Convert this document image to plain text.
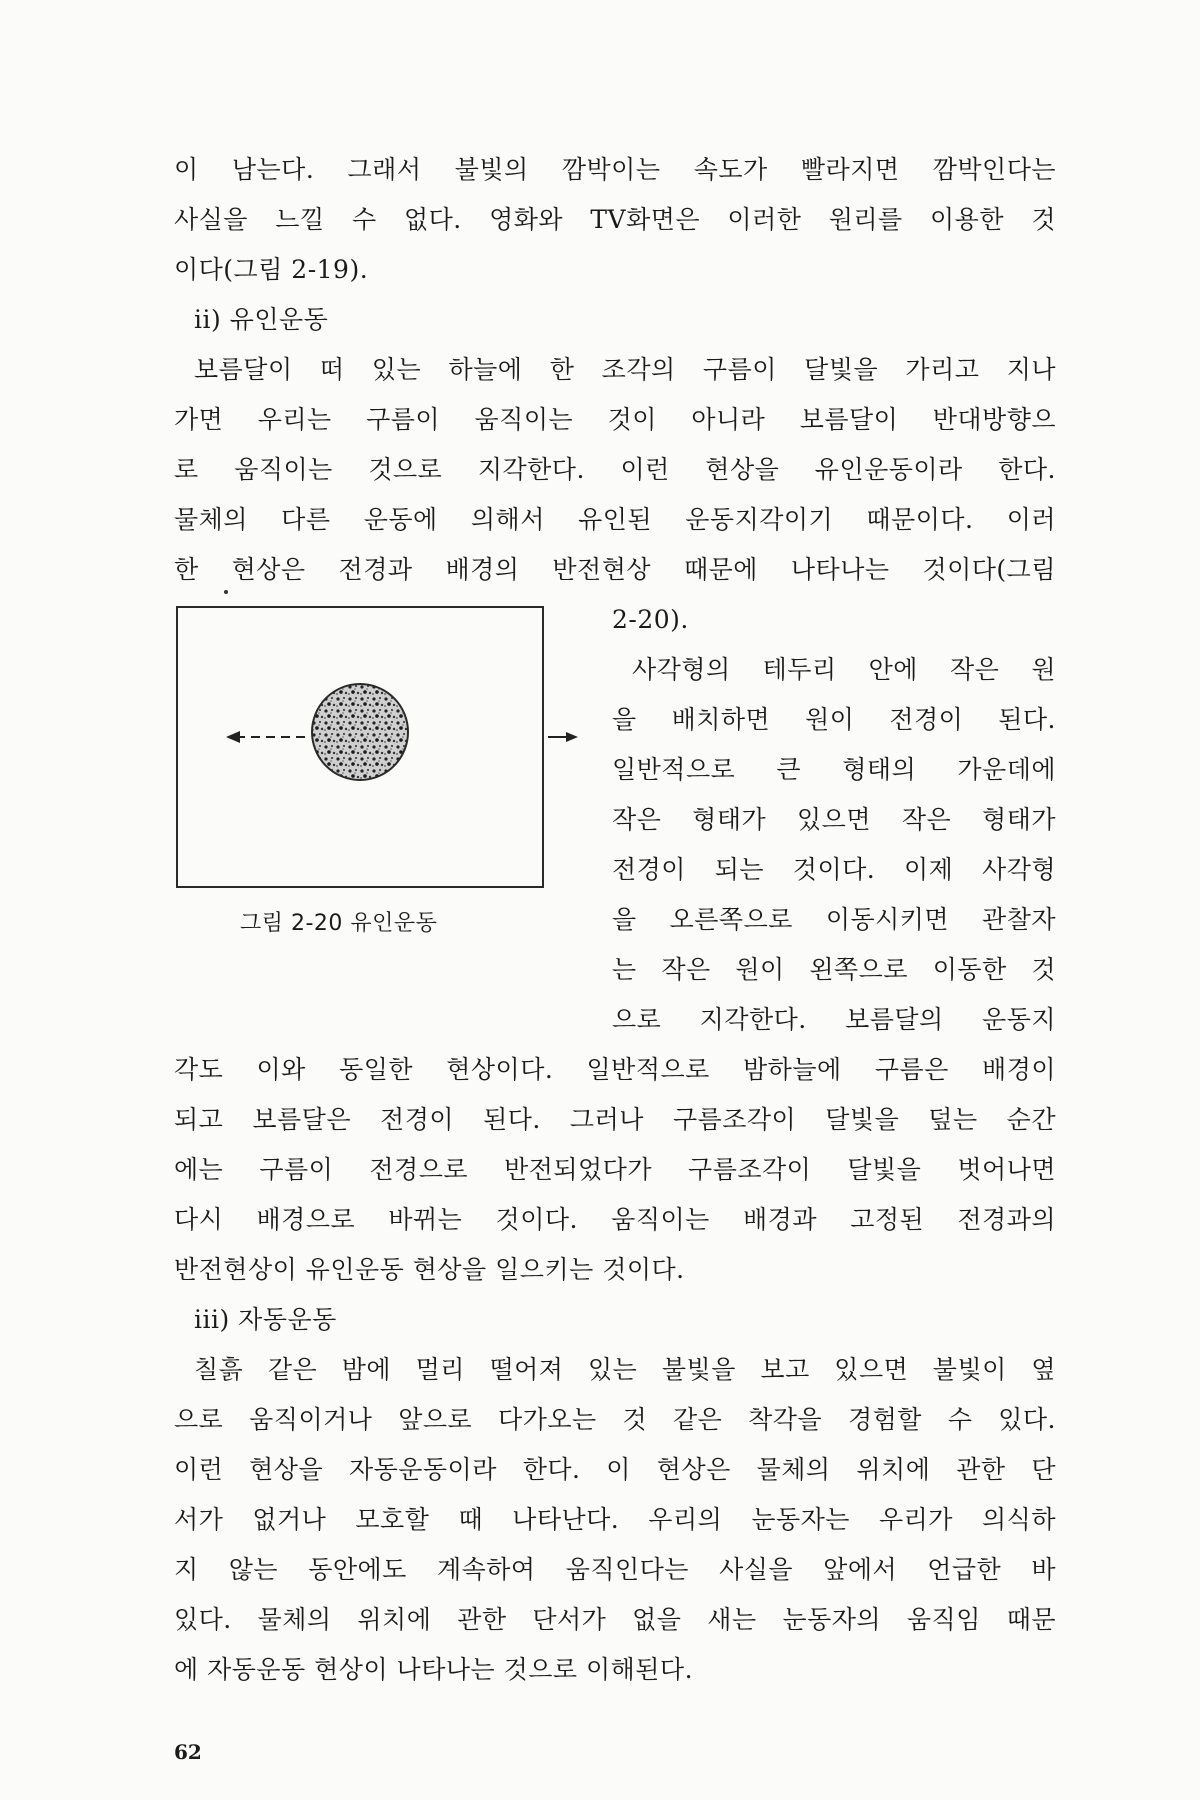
이 남는다. 그래서 불빛의 깜박이는 속도가 빨라지면 깜박인다는
사실을 느낄 수 없다. 영화와 TV화면은 이러한 원리를 이용한 것
이다(그림 2-19).
ii) 유인운동
보름달이 떠 있는 하늘에 한 조각의 구름이 달빛을 가리고 지나
가면 우리는 구름이 움직이는 것이 아니라 보름달이 반대방향으
로 움직이는 것으로 지각한다. 이런 현상을 유인운동이라 한다.
물체의 다른 운동에 의해서 유인된 운동지각이기 때문이다. 이러
한 현상은 전경과 배경의 반전현상 때문에 나타나는 것이다(그림
2-20).
그림 2-20 유인운동
사각형의 테두리 안에 작은 원
을 배치하면 원이 전경이 된다.
일반적으로 큰 형태의 가운데에
작은 형태가 있으면 작은 형태가
전경이 되는 것이다. 이제 사각형
을 오른쪽으로 이동시키면 관찰자
는 작은 원이 왼쪽으로 이동한 것
으로 지각한다. 보름달의 운동지
각도 이와 동일한 현상이다. 일반적으로 밤하늘에 구름은 배경이
되고 보름달은 전경이 된다. 그러나 구름조각이 달빛을 덮는 순간
에는 구름이 전경으로 반전되었다가 구름조각이 달빛을 벗어나면
다시 배경으로 바뀌는 것이다. 움직이는 배경과 고정된 전경과의
반전현상이 유인운동 현상을 일으키는 것이다.
iii) 자동운동
칠흙 같은 밤에 멀리 떨어져 있는 불빛을 보고 있으면 불빛이 옆
으로 움직이거나 앞으로 다가오는 것 같은 착각을 경험할 수 있다.
이런 현상을 자동운동이라 한다. 이 현상은 물체의 위치에 관한 단
서가 없거나 모호할 때 나타난다. 우리의 눈동자는 우리가 의식하
지 않는 동안에도 계속하여 움직인다는 사실을 앞에서 언급한 바
있다. 물체의 위치에 관한 단서가 없을 새는 눈동자의 움직임 때문
에 자동운동 현상이 나타나는 것으로 이해된다.
62
